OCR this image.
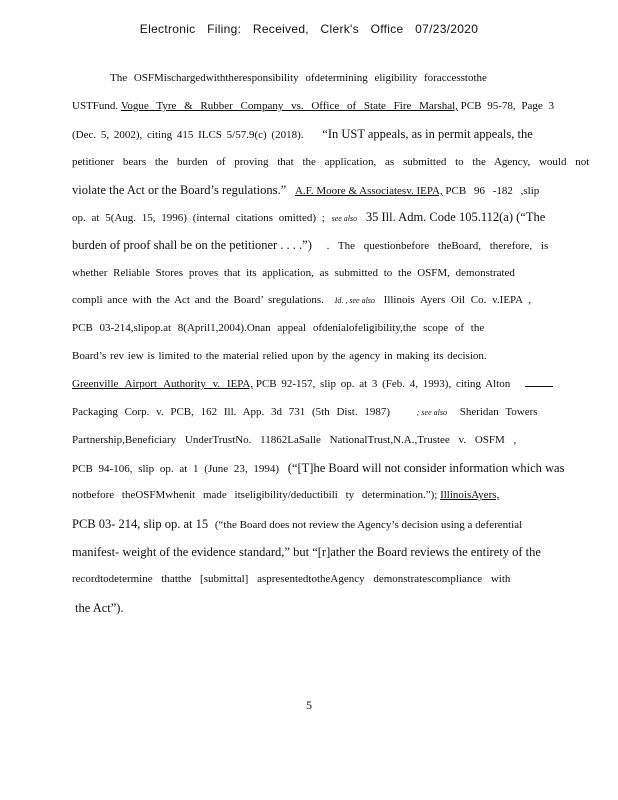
Electronic Filing: Received, Clerk's Office 07/23/2020
The OSFMischargedwiththeresponsibility ofdetermining eligibility foraccesstothe
USTFund. Vogue Tyre & Rubber Company vs. Office of State Fire Marshal, PCB 95-78, Page 3
(Dec. 5, 2002), citing 415 ILCS 5/57.9(c) (2018). “In UST appeals, as in permit appeals, the
petitioner bears the burden of proving that the application, as submitted to the Agency, would not
violate the Act or the Board’s regulations.” A.F. Moore & Associatesv. IEPA, PCB 96 -182 ,slip
op. at 5(Aug. 15, 1996) (internal citations omitted) ; see also 35 Ill. Adm. Code 105.112(a) (“The
burden of proof shall be on the petitioner . . . .”) . The questionbefore theBoard, therefore, is
whether Reliable Stores proves that its application, as submitted to the OSFM, demonstrated
compli ance with the Act and the Board’ sregulations. Id. , see also Illinois Ayers Oil Co. v.IEPA ,
PCB 03-214,slipop.at 8(April1,2004).Onan appeal ofdenialofeligibility,the scope of the
Board’s rev iew is limited to the material relied upon by the agency in making its decision.
Greenville Airport Authority v. IEPA, PCB 92-157, slip op. at 3 (Feb. 4, 1993), citing Alton
Packaging Corp. v. PCB, 162 Ill. App. 3d 731 (5th Dist. 1987)	; see also Sheridan Towers
Partnership,Beneficiary UnderTrustNo. 11862LaSalle NationalTrust,N.A.,Trustee v. OSFM ,
PCB 94-106, slip op. at 1 (June 23, 1994) (“[T]he Board will not consider information which was
notbefore theOSFMwhenit made itseligibility/deductibili ty determination.”); IllinoisAyers,
PCB 03- 214, slip op. at 15 (“the Board does not review the Agency’s decision using a deferential
manifest- weight of the evidence standard,” but “[r]ather the Board reviews the entirety of the
recordtodetermine thatthe [submittal] aspresentedtotheAgency demonstratescompliance with
the Act”).
5
